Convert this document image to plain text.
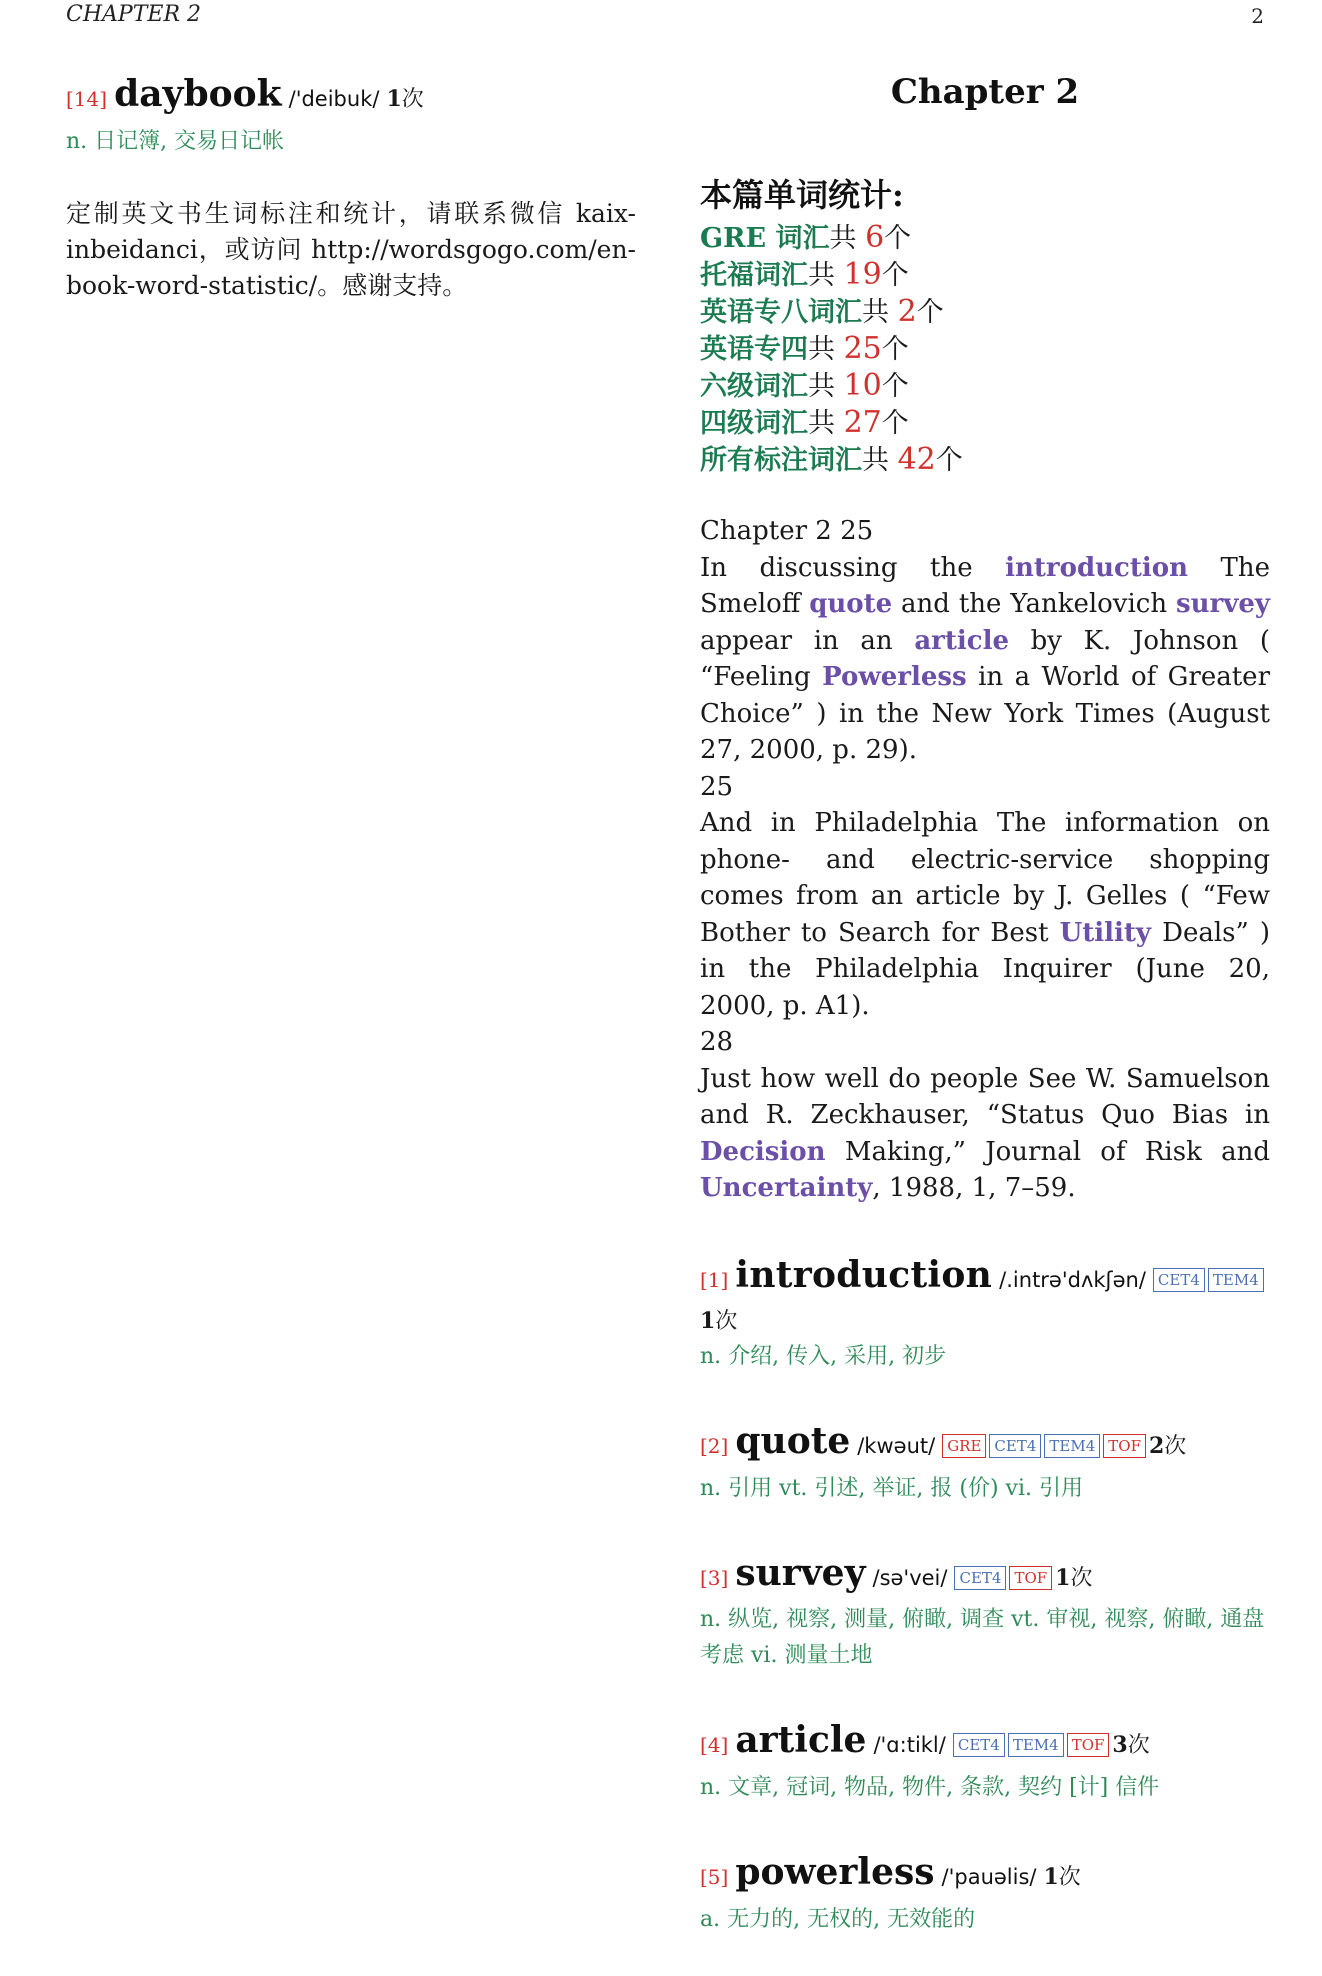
CHAPTER 2	2
[14] daybook /'deibuk/ 1次
n. 日记簿, 交易日记帐
定制英文书生词标注和统计，请联系微信 kaix-inbeidanci，或访问 http://wordsgogo.com/en-book-word-statistic/。感谢支持。
Chapter 2
本篇单词统计:
GRE 词汇共 6个
托福词汇共 19个
英语专八词汇共 2个
英语专四共 25个
六级词汇共 10个
四级词汇共 27个
所有标注词汇共 42个

Chapter 2 25

In discussing the introduction The Smeloff quote and the Yankelovich survey appear in an article by K. Johnson ( “Feeling Powerless in a World of Greater Choice” ) in the New York Times (August 27, 2000, p. 29).

25

And in Philadelphia The information on phone- and electric-service shopping comes from an article by J. Gelles ( “Few Bother to Search for Best Utility Deals” ) in the Philadelphia Inquirer (June 20, 2000, p. A1).

28

Just how well do people See W. Samuelson and R. Zeckhauser, “Status Quo Bias in Decision Making,” Journal of Risk and Uncertainty, 1988, 1, 7–59.

[1] introduction /.intrə'dʌkʃən/ CET4 TEM4
1次
n. 介绍, 传入, 采用, 初步
[2] quote /kwəut/ GRE CET4 TEM4 TOF 2次
n. 引用 vt. 引述, 举证, 报 (价) vi. 引用
[3] survey /sə'vei/ CET4 TOF 1次
n. 纵览, 视察, 测量, 俯瞰, 调查 vt. 审视, 视察, 俯瞰, 通盘考虑 vi. 测量土地
[4] article /'ɑ:tikl/ CET4 TEM4 TOF 3次
n. 文章, 冠词, 物品, 物件, 条款, 契约 [计] 信件
[5] powerless /'pauəlis/ 1次
a. 无力的, 无权的, 无效能的
